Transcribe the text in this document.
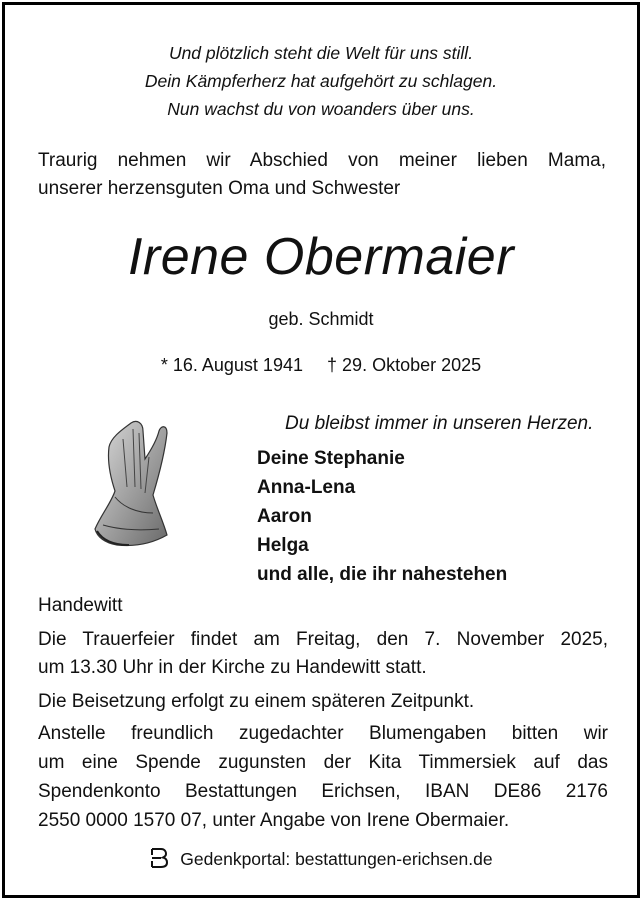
Und plötzlich steht die Welt für uns still.
Dein Kämpferherz hat aufgehört zu schlagen.
Nun wachst du von woanders über uns.
Traurig nehmen wir Abschied von meiner lieben Mama,
unserer herzensguten Oma und Schwester
Irene Obermaier
geb. Schmidt
* 16. August 1941 † 29. Oktober 2025
Du bleibst immer in unseren Herzen.
Deine Stephanie
Anna-Lena
Aaron
Helga
und alle, die ihr nahestehen
Handewitt
Die Trauerfeier findet am Freitag, den 7. November 2025,
um 13.30 Uhr in der Kirche zu Handewitt statt.
Die Beisetzung erfolgt zu einem späteren Zeitpunkt.
Anstelle freundlich zugedachter Blumengaben bitten wir
um eine Spende zugunsten der Kita Timmersiek auf das
Spendenkonto Bestattungen Erichsen, IBAN DE86 2176
2550 0000 1570 07, unter Angabe von Irene Obermaier.
Gedenkportal: bestattungen-erichsen.de
